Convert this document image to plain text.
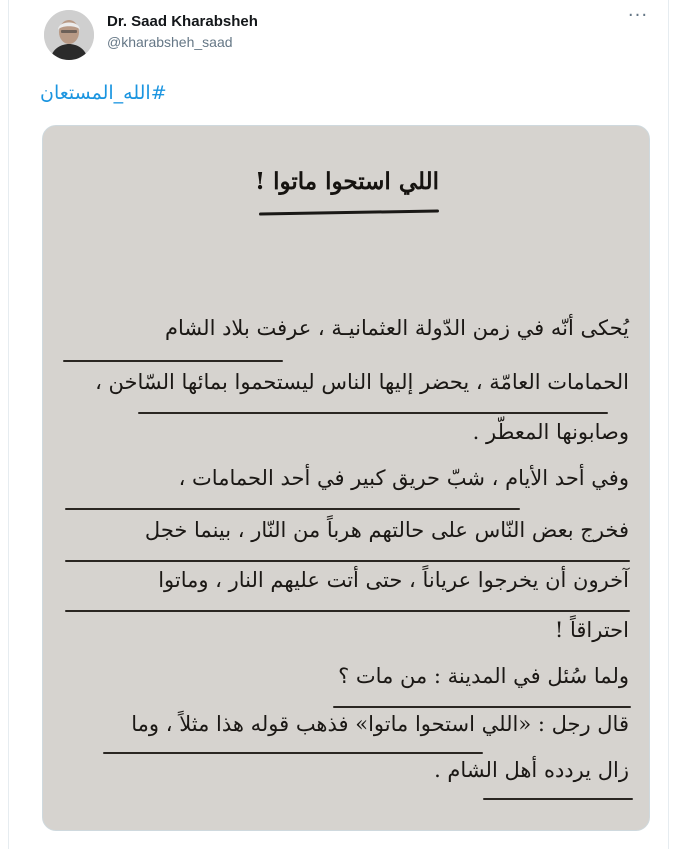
Dr. Saad Kharabsheh
@kharabsheh_saad
···
#الله_المستعان
اللي استحوا ماتوا !
يُحكى أنّه في زمن الدّولة العثمانيـة ، عرفت بلاد الشام
الحمامات العامّة ، يحضر إليها الناس ليستحموا بمائها السّاخن ،
وصابونها المعطّر .
وفي أحد الأيام ، شبّ حريق كبير في أحد الحمامات ،
فخرج بعض النّاس على حالتهم هرباً من النّار ، بينما خجل
آخرون أن يخرجوا عرياناً ، حتى أتت عليهم النار ، وماتوا
احتراقاً !
ولما سُئل في المدينة : من مات ؟
قال رجل : «اللي استحوا ماتوا» فذهب قوله هذا مثلاً ، وما
زال يردده أهل الشام .
